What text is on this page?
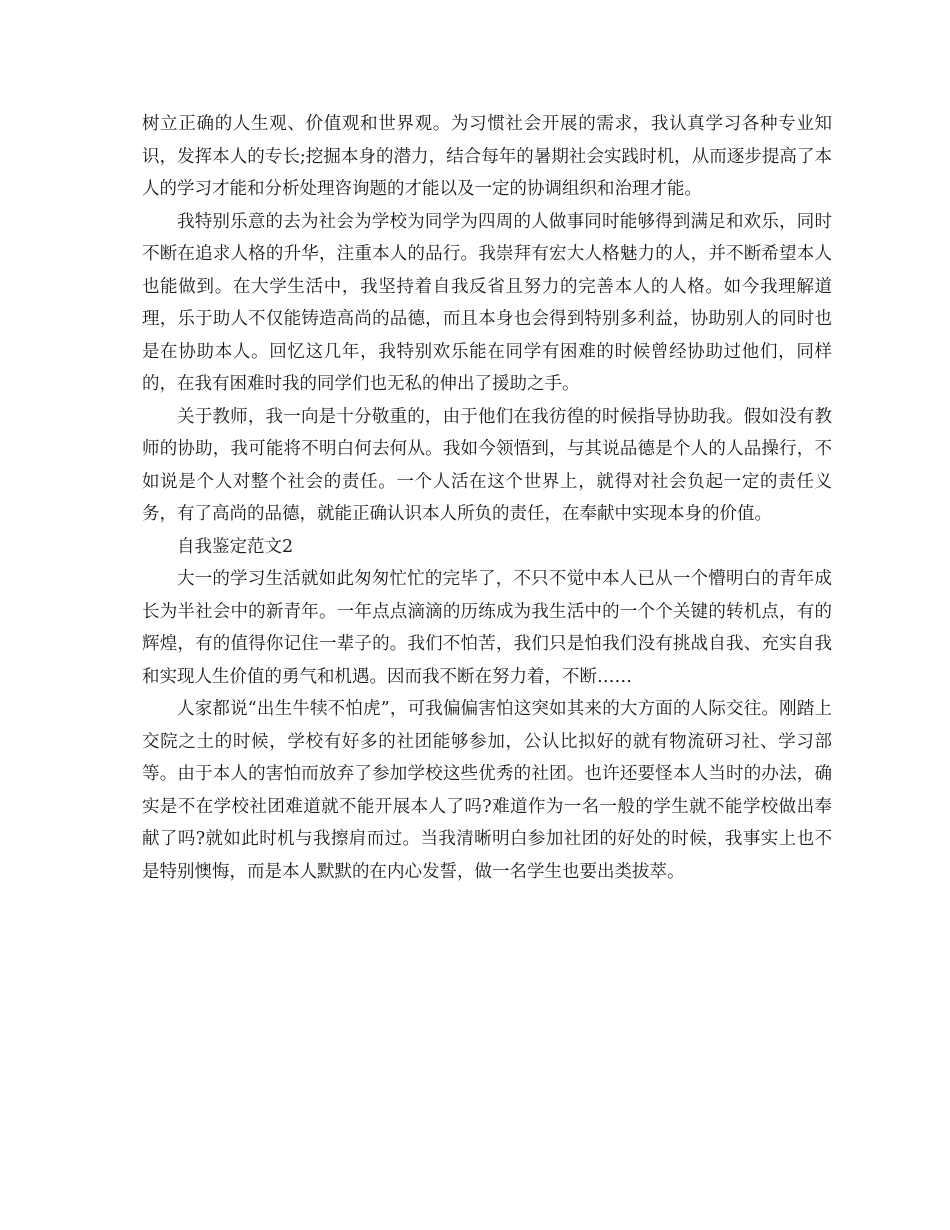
树立正确的人生观、价值观和世界观。为习惯社会开展的需求，我认真学习各种专业知识，发挥本人的专长;挖掘本身的潜力，结合每年的暑期社会实践时机，从而逐步提高了本人的学习才能和分析处理咨询题的才能以及一定的协调组织和治理才能。

我特别乐意的去为社会为学校为同学为四周的人做事同时能够得到满足和欢乐，同时不断在追求人格的升华，注重本人的品行。我崇拜有宏大人格魅力的人，并不断希望本人也能做到。在大学生活中，我坚持着自我反省且努力的完善本人的人格。如今我理解道理，乐于助人不仅能铸造高尚的品德，而且本身也会得到特别多利益，协助别人的同时也是在协助本人。回忆这几年，我特别欢乐能在同学有困难的时候曾经协助过他们，同样的，在我有困难时我的同学们也无私的伸出了援助之手。

关于教师，我一向是十分敬重的，由于他们在我彷徨的时候指导协助我。假如没有教师的协助，我可能将不明白何去何从。我如今领悟到，与其说品德是个人的人品操行，不如说是个人对整个社会的责任。一个人活在这个世界上，就得对社会负起一定的责任义务，有了高尚的品德，就能正确认识本人所负的责任，在奉献中实现本身的价值。

自我鉴定范文2

大一的学习生活就如此匆匆忙忙的完毕了，不只不觉中本人已从一个懵明白的青年成长为半社会中的新青年。一年点点滴滴的历练成为我生活中的一个个关键的转机点，有的辉煌，有的值得你记住一辈子的。我们不怕苦，我们只是怕我们没有挑战自我、充实自我和实现人生价值的勇气和机遇。因而我不断在努力着，不断……

人家都说“出生牛犊不怕虎”，可我偏偏害怕这突如其来的大方面的人际交往。刚踏上交院之土的时候，学校有好多的社团能够参加，公认比拟好的就有物流研习社、学习部等。由于本人的害怕而放弃了参加学校这些优秀的社团。也许还要怪本人当时的办法，确实是不在学校社团难道就不能开展本人了吗?难道作为一名一般的学生就不能学校做出奉献了吗?就如此时机与我擦肩而过。当我清晰明白参加社团的好处的时候，我事实上也不是特别懊悔，而是本人默默的在内心发誓，做一名学生也要出类拔萃。
